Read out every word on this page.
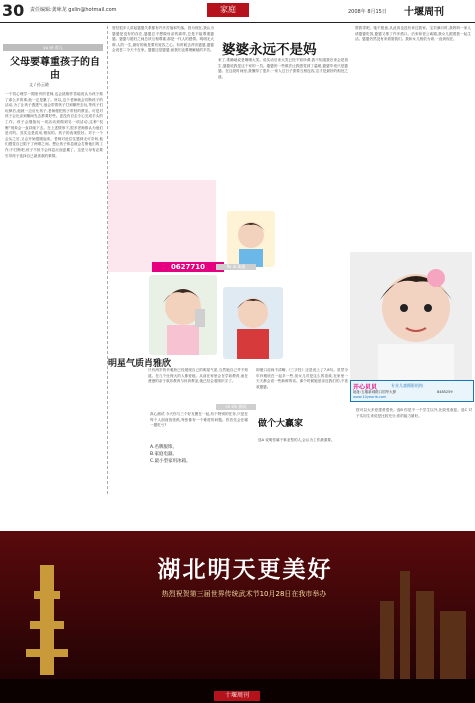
30 责任编辑:龚咏龙 gxlin@hotmail.com	家庭	2008年 8月15日 十堰周刊
yu er 育儿
父母要尊重孩子的自由
文 / 孙云晓
一个初心理学一期里刊的老师,也会挑剔作答地说认为孩子做了那么多的事,他一定是累了。所以,这个老师就会们断孩子的活动,为了让孩子透透气,他会带着孩子打到哪些去玩,等孩子们玩够后,他就一边应允孩子,老师便把孩子带回的教室。可是对孩子会比亲到哪间先去都要好些。更没有自去专心完成手头的工作。孩子会继续玩一项活动到做到另一项活动,这种“权衡”现象会一直持续下去。在上述情形下,很多老师都认为他们是对的。其实这是误用,错误的。孩子的表现很好。对于一个会从之后,又会开始很刚起来。老师对此往往感到无可奈何,他们感觉自己陷于了两难之间。想让孩子休息就会打断他们的工作;不打断吧,孩子不但不会休息反而更累了。这是父母有必要引导孩子选择自己最喜欢的事情。
婆婆永远不是妈
曾经很多人讲起婆婆关系都有许多苦恼和失落。因为现在,我认为婆婆是没有的存在,婆婆总不想做母亲的那样,总是不能尊重婆婆。婆婆与媳妇之间总该互相尊重,那是一代人的感情。明明无大碍,人的一生,最好的就是要有宽容之心。有时候去拜访婆婆,婆婆会说老二今天不在家。婆婆还是婆婆,而我们也要理解她的辛苦。
来了,准确地说是嘎嘎大笑。说实话后来大笑已经不知所谓,我不知道我后来会是再生,婆婆说我是这个家的一员。婆婆的一些做法让我感觉到了温暖,婆婆毕竟只是婆婆。在这段时间里,我懂得了很多,一家人过日子需要互相包容,这才是最好的相处之道。
帮我带吧。她不愿意,从此再也没有来过我家。宝贝满月时,我妈妈一家人请婆婆吃饭,婆婆又推了许多借口。后来和老公离婚,我女儿跟着我一起生活。婆婆仍然没有来看望我们。我和女儿相依为命,一直到现在。
0627710
明星气质肖雅欣
Po ai 婆媳
只有两岁的肖雅欣已经展现自己的明星气质,当然她自己并不知道。在几个仕保大的人都爱她。从前在家里会在学前教育,而在爸爸的亲子欢乐教育与体育教室,她已经会看图识字了。
即便口齿尚不清晰,《三字经》还是说上了7,8句。虽然今年肖雅欣在一起多一些,但女儿对是这么的喜欢,在家里一天天都会说一些新鲜的话。那个时候她爱亲近我们的,不喜欢婆婆。	开心贝贝	专业儿童摄影机构
地址:五堰新城路口国华大厦	8485259
www.10yearlb.com
ce shi 测试
做个大赢家
真心测试 今天你与三个好友聚在一起,有个特别的任务,只是在每个人面前放张纸,每张都有一个难度的问题。你首先会在哪一题吃亏?
A.名牌服饰。
B.家庭电器。
C.最小型家用冰箱。
选A 说明你属于事业型的人,会认为工作最重要。
按可以大多爱建者很快。选B 你是不一个学生以外,比较受欢迎。选C 对于实用生来说是比较充分,你的能力最好。
湖北明天更美好
热烈祝贺第三届世界传统武术节10月28日在我市举办
十堰周刊
